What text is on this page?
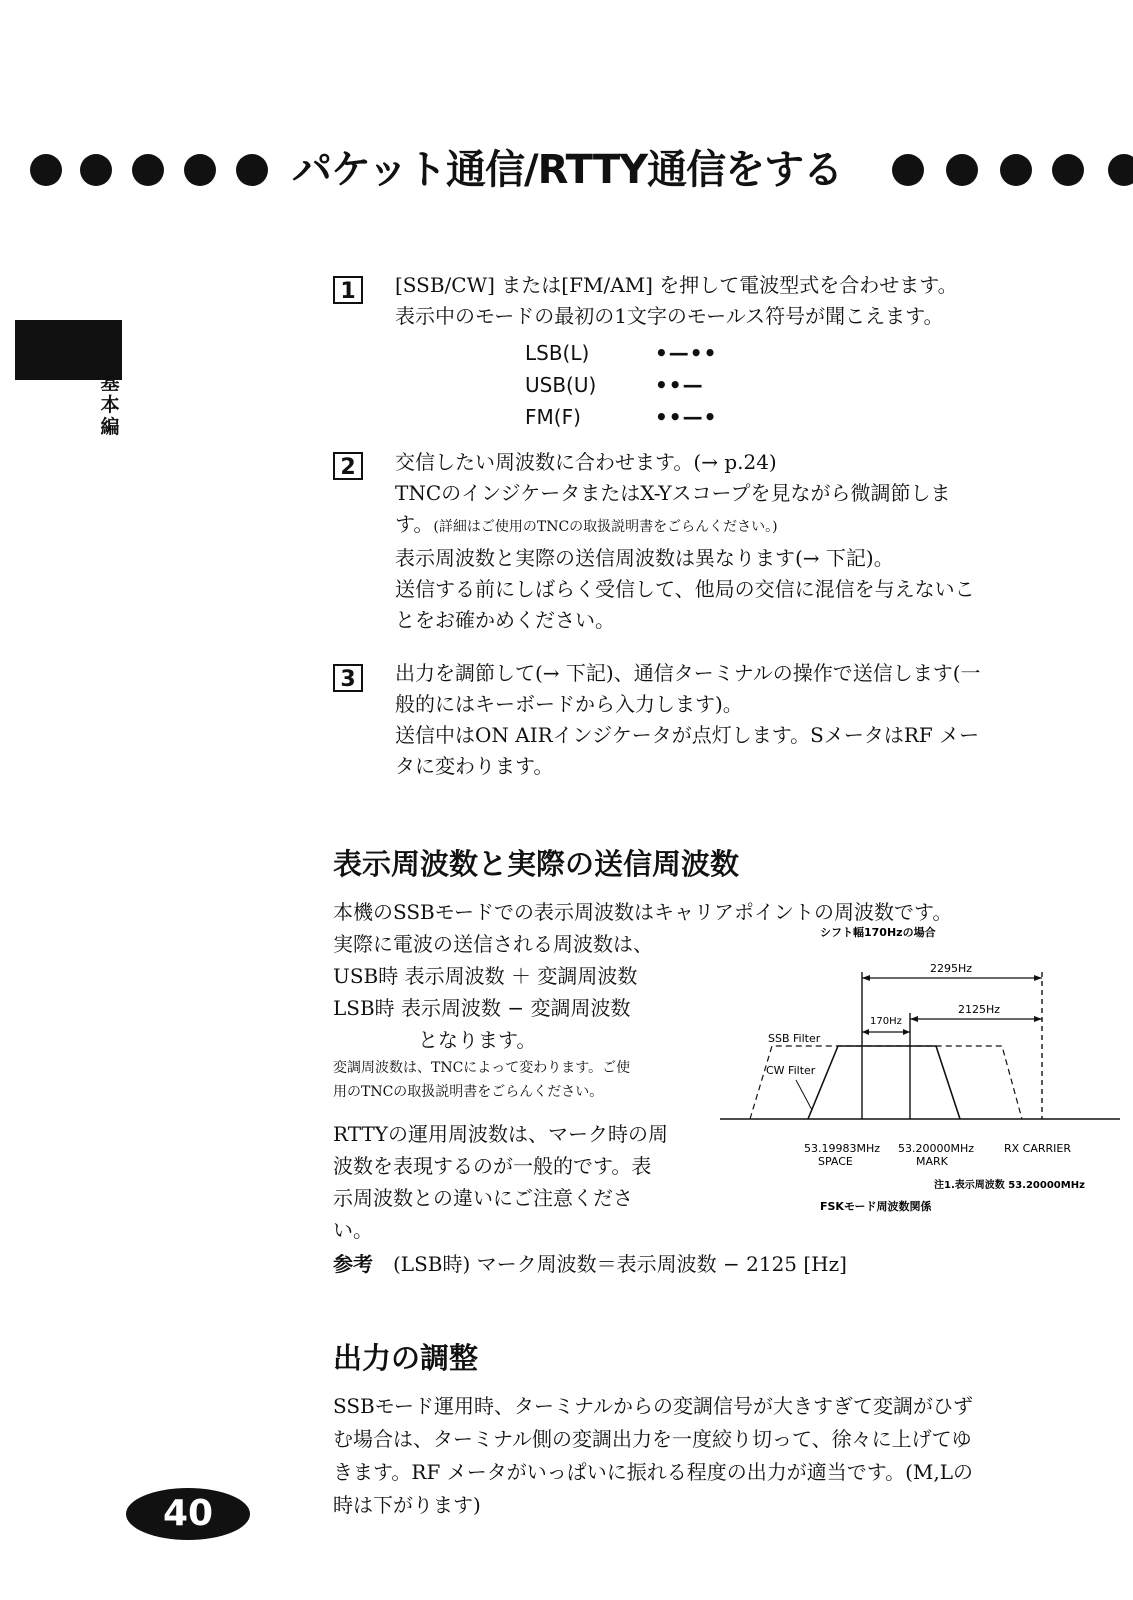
パケット通信/RTTY通信をする
基本編
1	[SSB/CW] または[FM/AM] を押して電波型式を合わせます。

表示中のモードの最初の1文字のモールス符号が聞こえます。

LSB(L)	•—••
USB(U)	••—
FM(F)	••—•
2	交信したい周波数に合わせます。(→ p.24)

TNCのインジケータまたはX-Yスコープを見ながら微調節しま

す。(詳細はご使用のTNCの取扱説明書をごらんください。)

表示周波数と実際の送信周波数は異なります(→ 下記)。

送信する前にしばらく受信して、他局の交信に混信を与えないこ

とをお確かめください。

3	出力を調節して(→ 下記)、通信ターミナルの操作で送信します(一

般的にはキーボードから入力します)。

送信中はON AIRインジケータが点灯します。SメータはRF メー

タに変わります。

表示周波数と実際の送信周波数

本機のSSBモードでの表示周波数はキャリアポイントの周波数です。

実際に電波の送信される周波数は、

USB時 表示周波数 ＋ 変調周波数

LSB時 表示周波数 − 変調周波数

となります。

変調周波数は、TNCによって変わります。ご使

用のTNCの取扱説明書をごらんください。

RTTYの運用周波数は、マーク時の周

波数を表現するのが一般的です。表

示周波数との違いにご注意くださ

い。

参考　 (LSB時) マーク周波数＝表示周波数 − 2125 [Hz]

シフト幅170Hzの場合
2295Hz
2125Hz
170Hz
SSB Filter
CW Filter
53.19983MHz
SPACE
53.20000MHz
MARK
RX CARRIER
注1.表示周波数 53.20000MHz
FSKモード周波数関係
出力の調整

SSBモード運用時、ターミナルからの変調信号が大きすぎて変調がひず

む場合は、ターミナル側の変調出力を一度絞り切って、徐々に上げてゆ

きます。RF メータがいっぱいに振れる程度の出力が適当です。(M,Lの

時は下がります)

40
